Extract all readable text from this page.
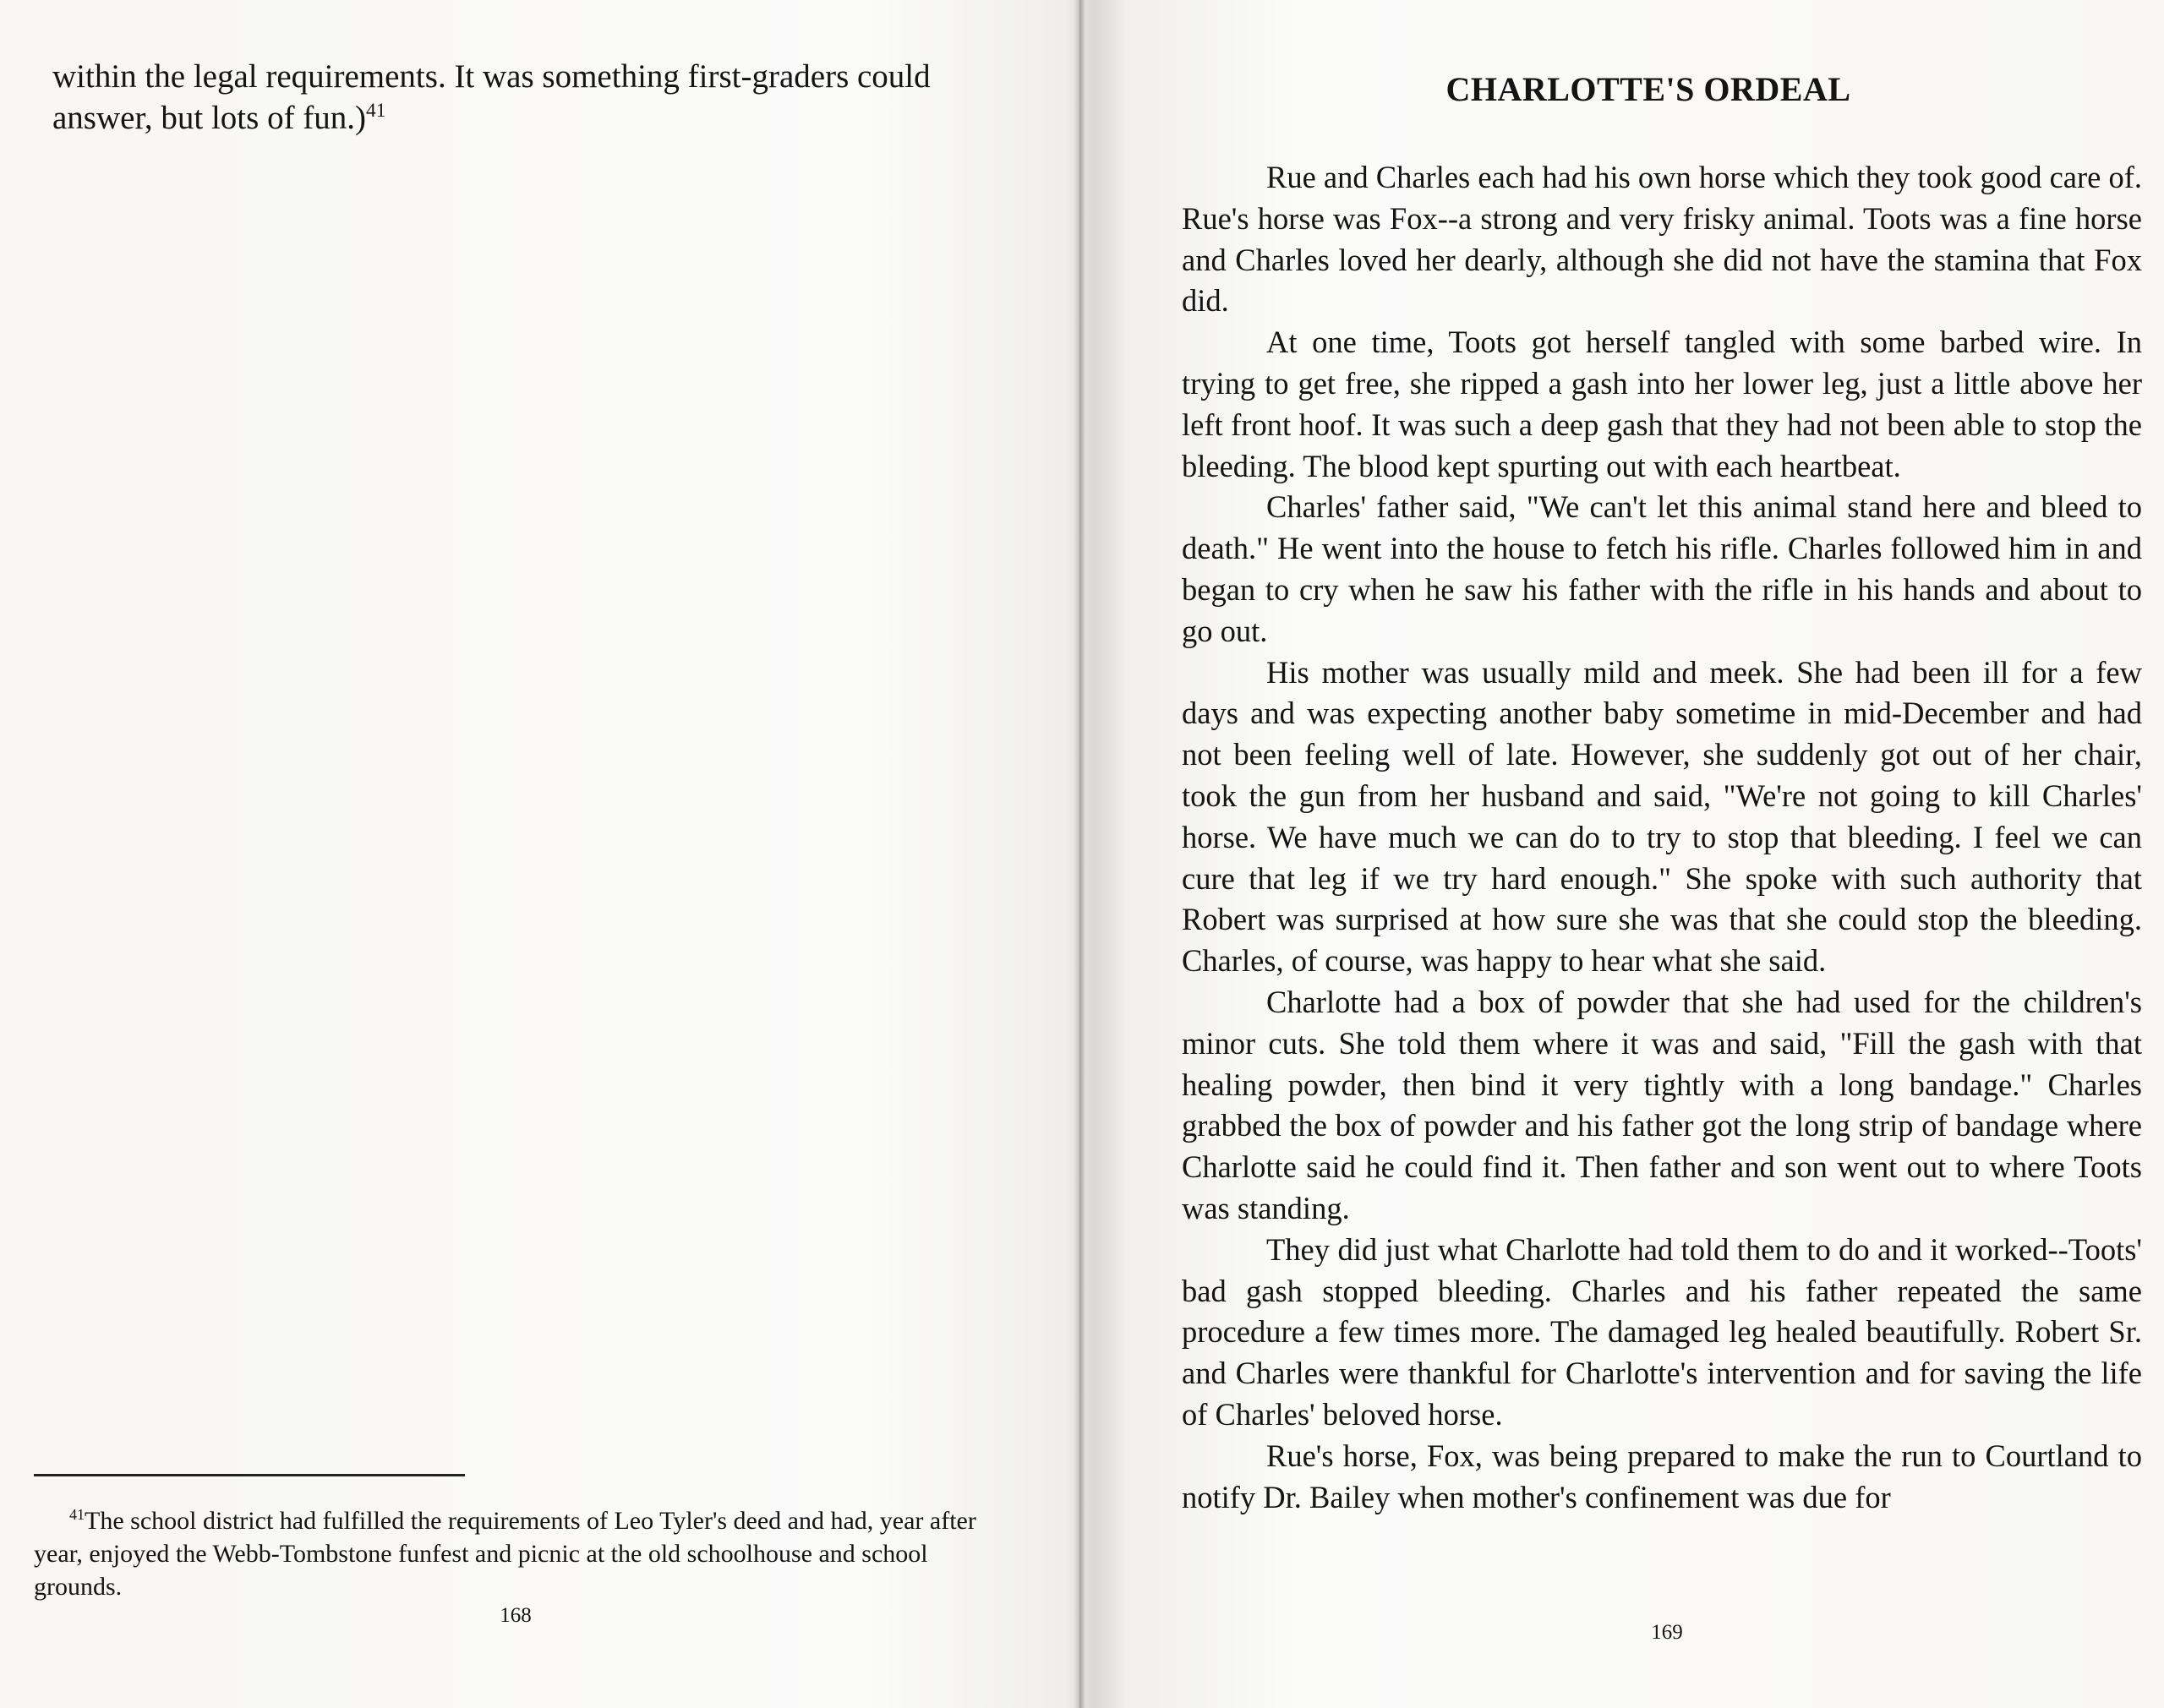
within the legal requirements. It was something first-graders could answer, but lots of fun.)$^{41}$

$^{41}$The school district had fulfilled the requirements of Leo Tyler's deed and had, year after year, enjoyed the Webb-Tombstone funfest and picnic at the old schoolhouse and school grounds.

168
CHARLOTTE'S ORDEAL

Rue and Charles each had his own horse which they took good care of. Rue's horse was Fox--a strong and very frisky animal. Toots was a fine horse and Charles loved her dearly, although she did not have the stamina that Fox did.

At one time, Toots got herself tangled with some barbed wire. In trying to get free, she ripped a gash into her lower leg, just a little above her left front hoof. It was such a deep gash that they had not been able to stop the bleeding. The blood kept spurting out with each heartbeat.

Charles' father said, "We can't let this animal stand here and bleed to death." He went into the house to fetch his rifle. Charles followed him in and began to cry when he saw his father with the rifle in his hands and about to go out.

His mother was usually mild and meek. She had been ill for a few days and was expecting another baby sometime in mid-December and had not been feeling well of late. However, she suddenly got out of her chair, took the gun from her husband and said, "We're not going to kill Charles' horse. We have much we can do to try to stop that bleeding. I feel we can cure that leg if we try hard enough." She spoke with such authority that Robert was surprised at how sure she was that she could stop the bleeding. Charles, of course, was happy to hear what she said.

Charlotte had a box of powder that she had used for the children's minor cuts. She told them where it was and said, "Fill the gash with that healing powder, then bind it very tightly with a long bandage." Charles grabbed the box of powder and his father got the long strip of bandage where Charlotte said he could find it. Then father and son went out to where Toots was standing.

They did just what Charlotte had told them to do and it worked--Toots' bad gash stopped bleeding. Charles and his father repeated the same procedure a few times more. The damaged leg healed beautifully. Robert Sr. and Charles were thankful for Charlotte's intervention and for saving the life of Charles' beloved horse.

Rue's horse, Fox, was being prepared to make the run to Courtland to notify Dr. Bailey when mother's confinement was due for

169
